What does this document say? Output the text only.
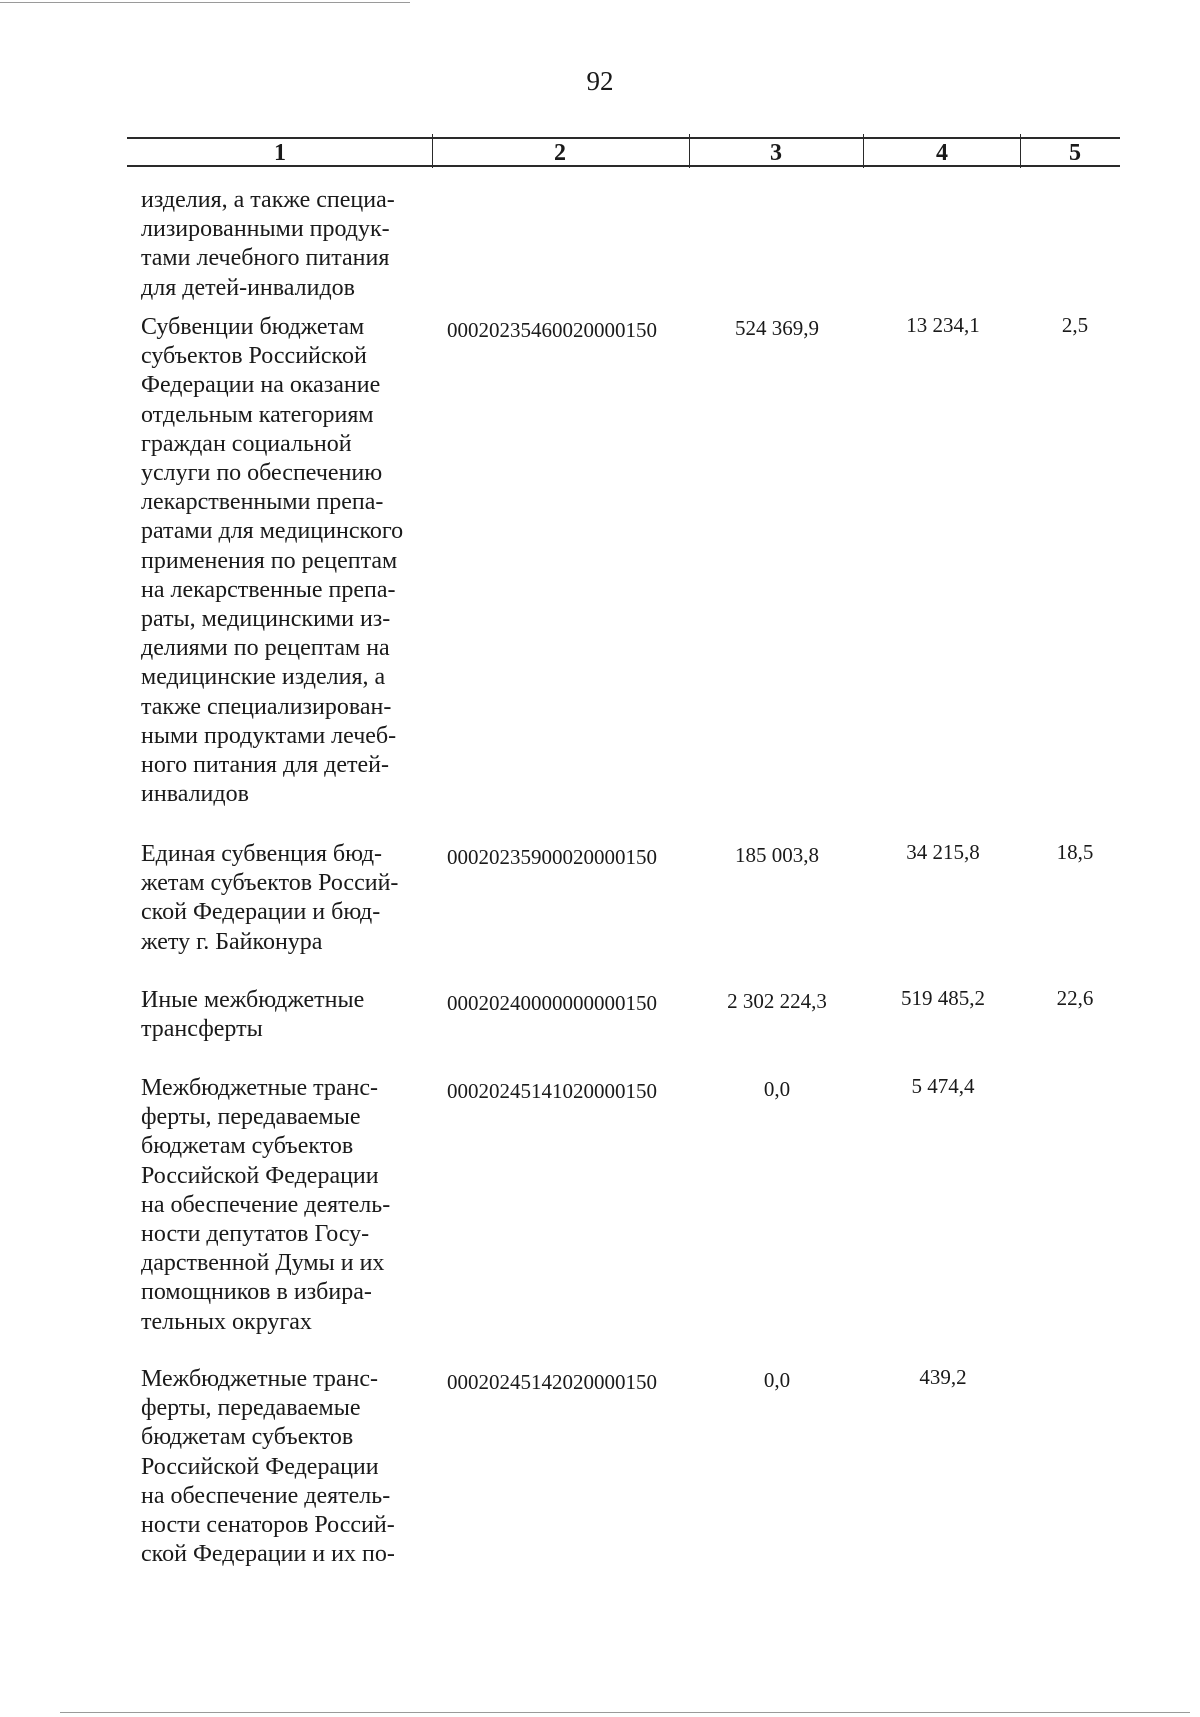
92
1	2	3	4	5
изделия, а также специа-
лизированными продук-
тами лечебного питания
для детей-инвалидов
Субвенции бюджетам
субъектов Российской
Федерации на оказание
отдельным категориям
граждан социальной
услуги по обеспечению
лекарственными препа-
ратами для медицинского
применения по рецептам
на лекарственные препа-
раты, медицинскими из-
делиями по рецептам на
медицинские изделия, а
также специализирован-
ными продуктами лечеб-
ного питания для детей-
инвалидов
00020235460020000150	524 369,9	13 234,1	2,5
Единая субвенция бюд-
жетам субъектов Россий-
ской Федерации и бюд-
жету г. Байконура
00020235900020000150	185 003,8	34 215,8	18,5
Иные межбюджетные
трансферты
00020240000000000150	2 302 224,3	519 485,2	22,6
Межбюджетные транс-
ферты, передаваемые
бюджетам субъектов
Российской Федерации
на обеспечение деятель-
ности депутатов Госу-
дарственной Думы и их
помощников в избира-
тельных округах
00020245141020000150	0,0	5 474,4
Межбюджетные транс-
ферты, передаваемые
бюджетам субъектов
Российской Федерации
на обеспечение деятель-
ности сенаторов Россий-
ской Федерации и их по-
00020245142020000150	0,0	439,2
